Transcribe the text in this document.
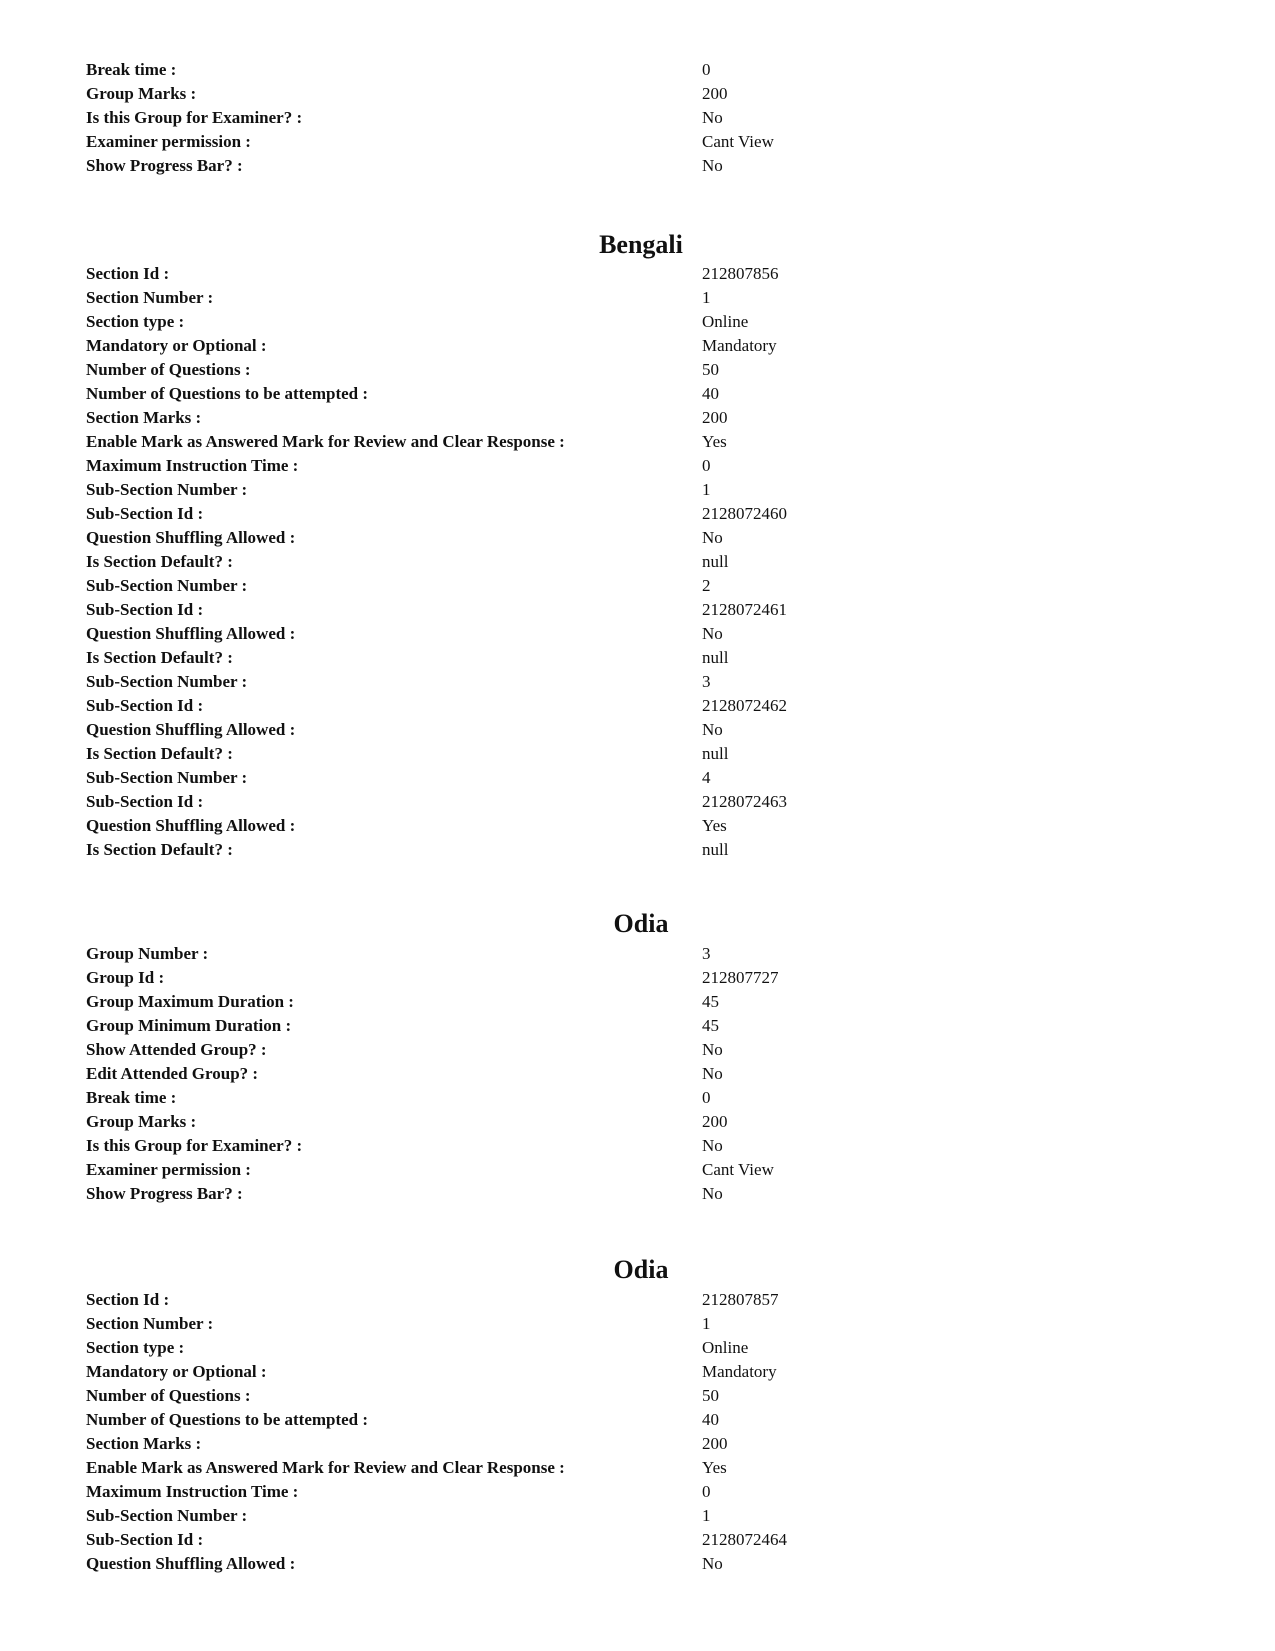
Break time :	0
Group Marks :	200
Is this Group for Examiner? :	No
Examiner permission :	Cant View
Show Progress Bar? :	No
Bengali
Section Id :	212807856
Section Number :	1
Section type :	Online
Mandatory or Optional :	Mandatory
Number of Questions :	50
Number of Questions to be attempted :	40
Section Marks :	200
Enable Mark as Answered Mark for Review and Clear Response :	Yes
Maximum Instruction Time :	0
Sub-Section Number :	1
Sub-Section Id :	2128072460
Question Shuffling Allowed :	No
Is Section Default? :	null
Sub-Section Number :	2
Sub-Section Id :	2128072461
Question Shuffling Allowed :	No
Is Section Default? :	null
Sub-Section Number :	3
Sub-Section Id :	2128072462
Question Shuffling Allowed :	No
Is Section Default? :	null
Sub-Section Number :	4
Sub-Section Id :	2128072463
Question Shuffling Allowed :	Yes
Is Section Default? :	null
Odia
Group Number :	3
Group Id :	212807727
Group Maximum Duration :	45
Group Minimum Duration :	45
Show Attended Group? :	No
Edit Attended Group? :	No
Break time :	0
Group Marks :	200
Is this Group for Examiner? :	No
Examiner permission :	Cant View
Show Progress Bar? :	No
Odia
Section Id :	212807857
Section Number :	1
Section type :	Online
Mandatory or Optional :	Mandatory
Number of Questions :	50
Number of Questions to be attempted :	40
Section Marks :	200
Enable Mark as Answered Mark for Review and Clear Response :	Yes
Maximum Instruction Time :	0
Sub-Section Number :	1
Sub-Section Id :	2128072464
Question Shuffling Allowed :	No
